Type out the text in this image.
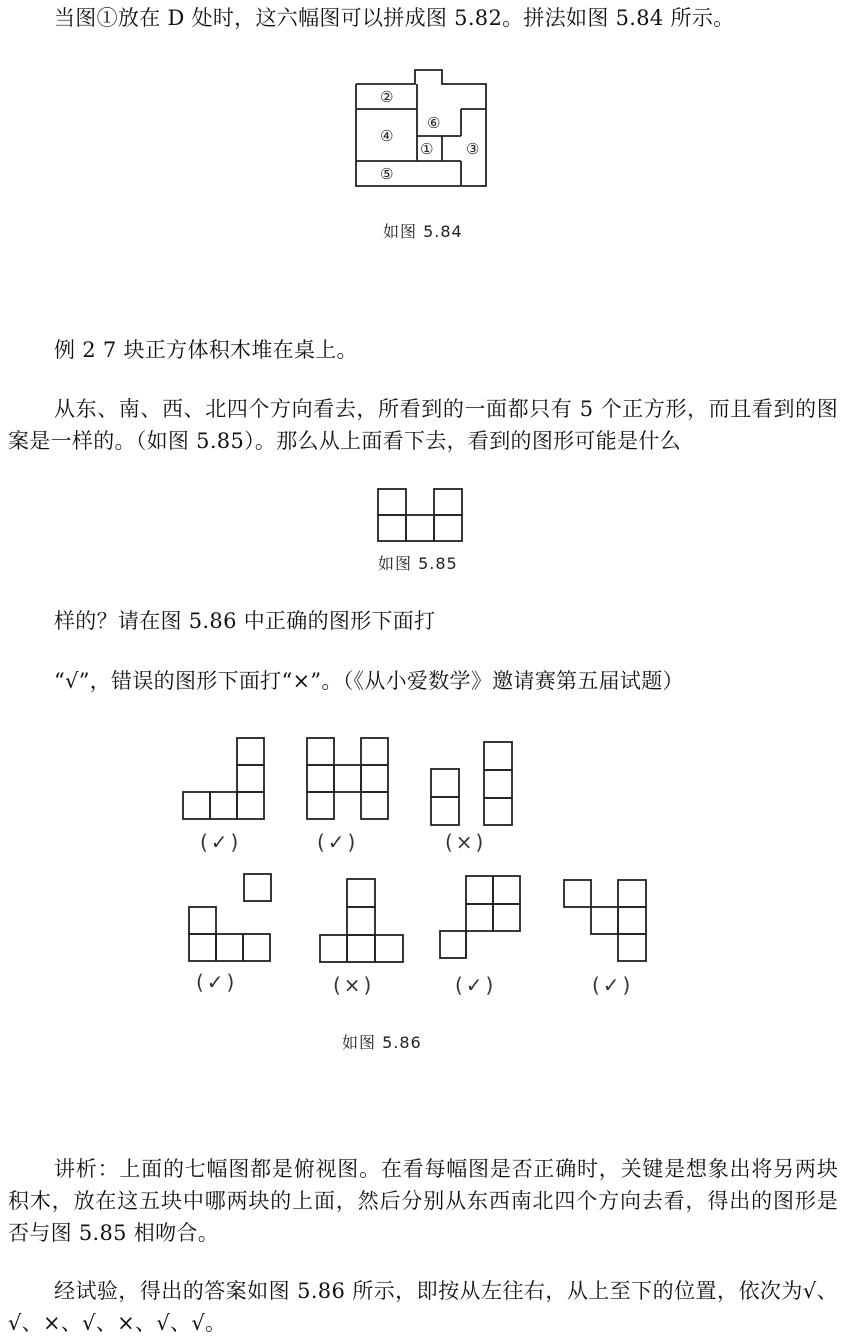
当图①放在 D 处时，这六幅图可以拼成图 5.82。拼法如图 5.84 所示。

②
④
⑥
① ③
⑤
如图 5.84

例 2 7 块正方体积木堆在桌上。

从东、南、西、北四个方向看去，所看到的一面都只有 5 个正方形，而且看到的图案是一样的。（如图 5.85）。那么从上面看下去，看到的图形可能是什么

如图 5.85

样的？请在图 5.86 中正确的图形下面打

“√”，错误的图形下面打“×”。（《从小爱数学》邀请赛第五届试题）

(✓)	(✓)	(×)
(✓)	(×)	(✓)	(✓)
如图 5.86

讲析：上面的七幅图都是俯视图。在看每幅图是否正确时，关键是想象出将另两块积木，放在这五块中哪两块的上面，然后分别从东西南北四个方向去看，得出的图形是否与图 5.85 相吻合。

经试验，得出的答案如图 5.86 所示，即按从左往右，从上至下的位置，依次为√、√、×、√、×、√、√。
